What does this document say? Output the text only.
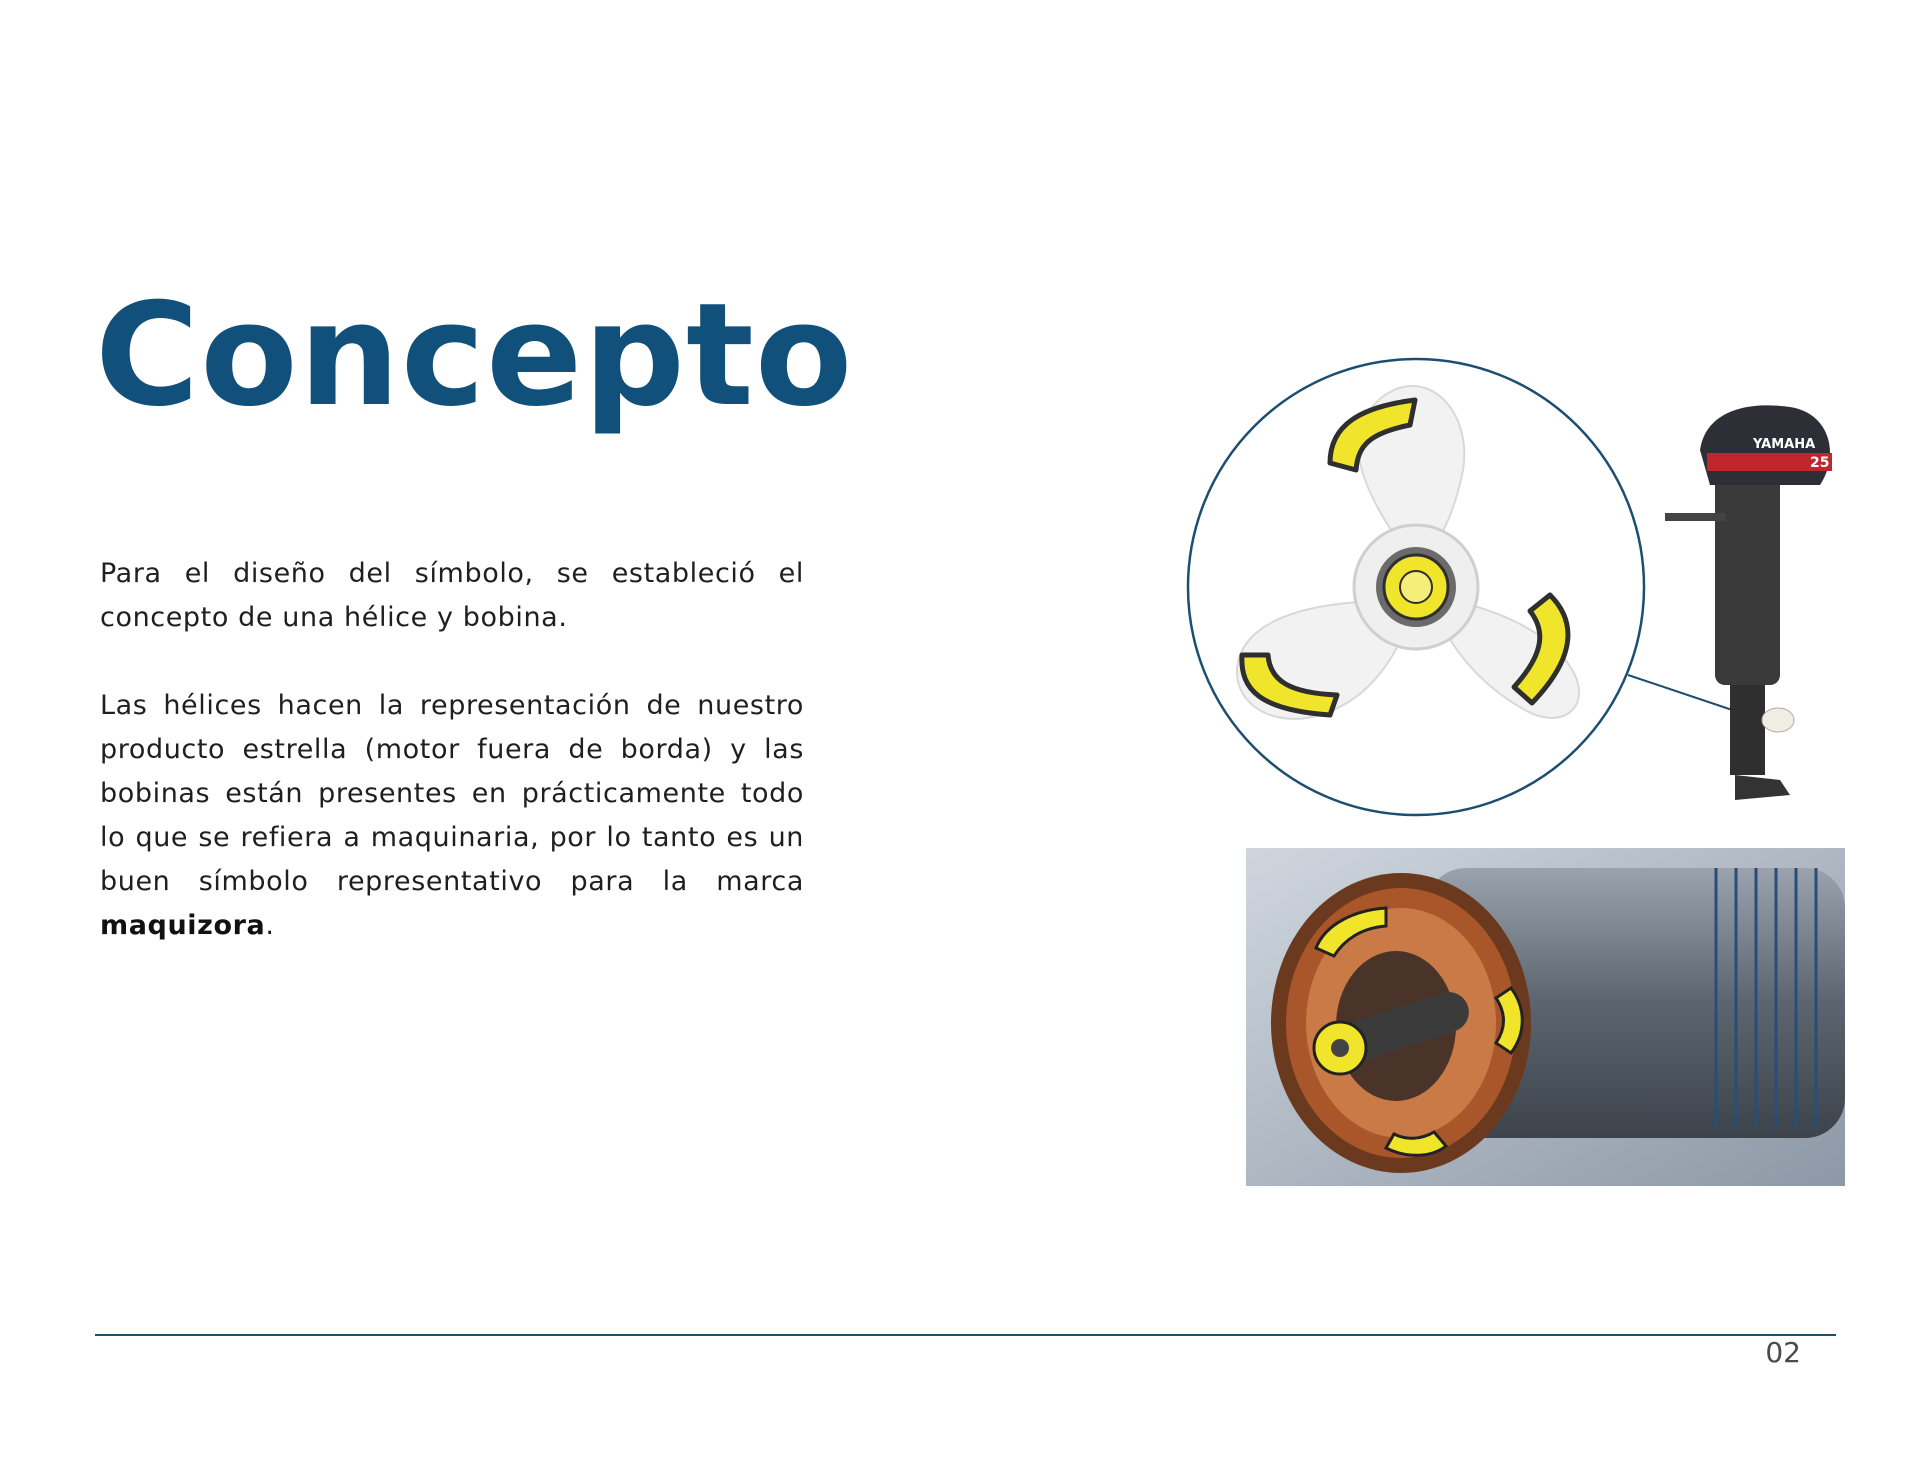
Concepto

Para el diseño del símbolo, se estableció el concepto de una hélice y bobina.

Las hélices hacen la representación de nuestro producto estrella (motor fuera de borda) y las bobinas están presentes en prácticamente todo lo que se refiera a maquinaria, por lo tanto es un buen símbolo representativo para la marca maquizora.

YAMAHA
25
02
